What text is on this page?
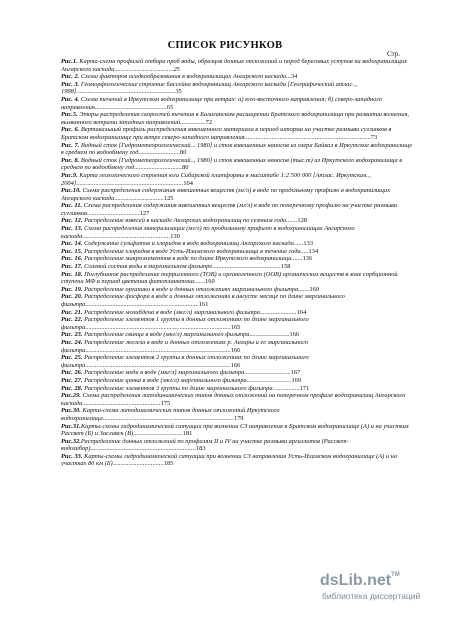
СПИСОК РИСУНКОВ
Стр.

Рис.1. Карта-схема профилей отбора проб воды, образцов донных отложений и пород береговых уступов на водохранилищах Ангарского каскада.....................................25

Рис. 2. Схема факторов осадкообразования в водохранилищах Ангарского каскада...34

Рис. 3. Геоморфологические строение бассейна водохранилищ Ангарского каскада [Географический атлас.., 1998]..............................................................35

Рис. 4. Схема течений в Иркутском водохранилище при ветрах: а) юго-восточного направления; б) северо-западного направления.............................................65

Рис.5. Эпюры распределения скоростей течения в Балаганском расширении Братского водохранилища при развитии волнения, вызванного ветрами западных направлений................72

Рис. 6. Вертикальный профиль распределения взвешенного материала в период шторма на участке размыва суглинков в Братском водохранилище при ветре северо-западного направления...............................................................................73

Рис. 7. Водный сток [Гидрометеорологический... 1980] и сток взвешенных наносов из озера Байкал в Иркутское водохранилище в среднем по водообмену год..........................80

Рис. 8. Водный сток [Гидрометеорологический.., 1980] и сток взвешенных наносов (тыс.т) из Иркутского водохранилища в среднем по водообмену год..............................80

Рис.9. Карта геологического строения юга Сибирской платформы в масштабе 1:2 500 000 [Атлас. Иркутская.., 2004]...................................................................104

Рис.10. Схема распределения содержания взвешенных веществ (мг/л) в воде по продольному профилю в водохранилищах Ангарского каскада...............................125

Рис. 11. Схема распределения содержания взвешенных веществ (мг/л) в воде по поперечному профилю на участке размыва суглинков.................................127

Рис. 12. Распределение взвесей в каскаде Ангарских водохранилищ по сезонам года.......128

Рис. 13. Схема распределения минерализации (мг/л) по продольному профилю в водохранилищах Ангарского каскада.......................................................130

Рис. 14. Содержание сульфатов и хлоридов в воде водохранилищ Ангарского каскада......133

Рис. 15. Распределение хлоридов в воде Усть-Илимского водохранилища в течение года.....134

Рис. 16. Распределение макроэлементов в воде по длине Иркутского водохранилища.......136

Рис. 17. Солевой состав воды в маргинальном фильтре...........................................158

Рис. 18. Поглубинное распределение терригенного (ТОВ) и органогенного (ООВ) органических веществ в зоне сорбционной ступени МФ в период цветения фитопланктона.......160

Рис. 19. Распределение органики в воде и донных отложениях маргинального фильтра.......160

Рис. 20. Распределение фосфора в воде и донных отложениях в августе месяце по длине маргинального фильтра.......................................................................161

Рис. 21. Распределение молибдена в воде (мкг/л) маргинального фильтра.......................164

Рис. 22. Распределение элементов 1 группы в донных отложениях по длине маргинального фильтра...........................................................................................165

Рис. 23. Распределение свинца в воде (мкг/л) маргинального фильтра.........................166

Рис. 24. Распределение железа в воде и донных отложениях р. Ангары и ее маргинального фильтра...........................................................................................166

Рис. 25. Распределение элементов 2 группы в донных отложениях по длине маргинального фильтра...........................................................................................166

Рис. 26. Распределение меди в воде (мкг/л) маргинального фильтра.............................167

Рис. 27. Распределение цинка в воде (мкг/л) маргинального фильтра............................169

Рис. 28. Распределение элементов 3 группы по длине маргинального фильтра.................171

Рис.29. Схема распределения литодинамических типов донных отложений на поперечном профиле водохранилищ Ангарского каскада.................................................175

Рис.30. Карта-схема литодинамических типов донных отложений Иркутского водохранилища..................................................................................179

Рис.31.Карты-схемы гидродинамической ситуации при волнении СЗ направления в Братском водохранилище (А) и на участках Рассвет (Б) и Заславск (В)...............................181

Рис.32.Распределение донных отложений по профилям II и IV на участке размыва аргиллитов (Рассвет-водозабор)..................................................................183

Рис. 33. Карты-схемы гидродинамической ситуации при волнении СЗ направления Усть-Илимском водохранилище (А) и на участках 80 км (Б)................................185

dsLib.net™
библиотека диссертаций
